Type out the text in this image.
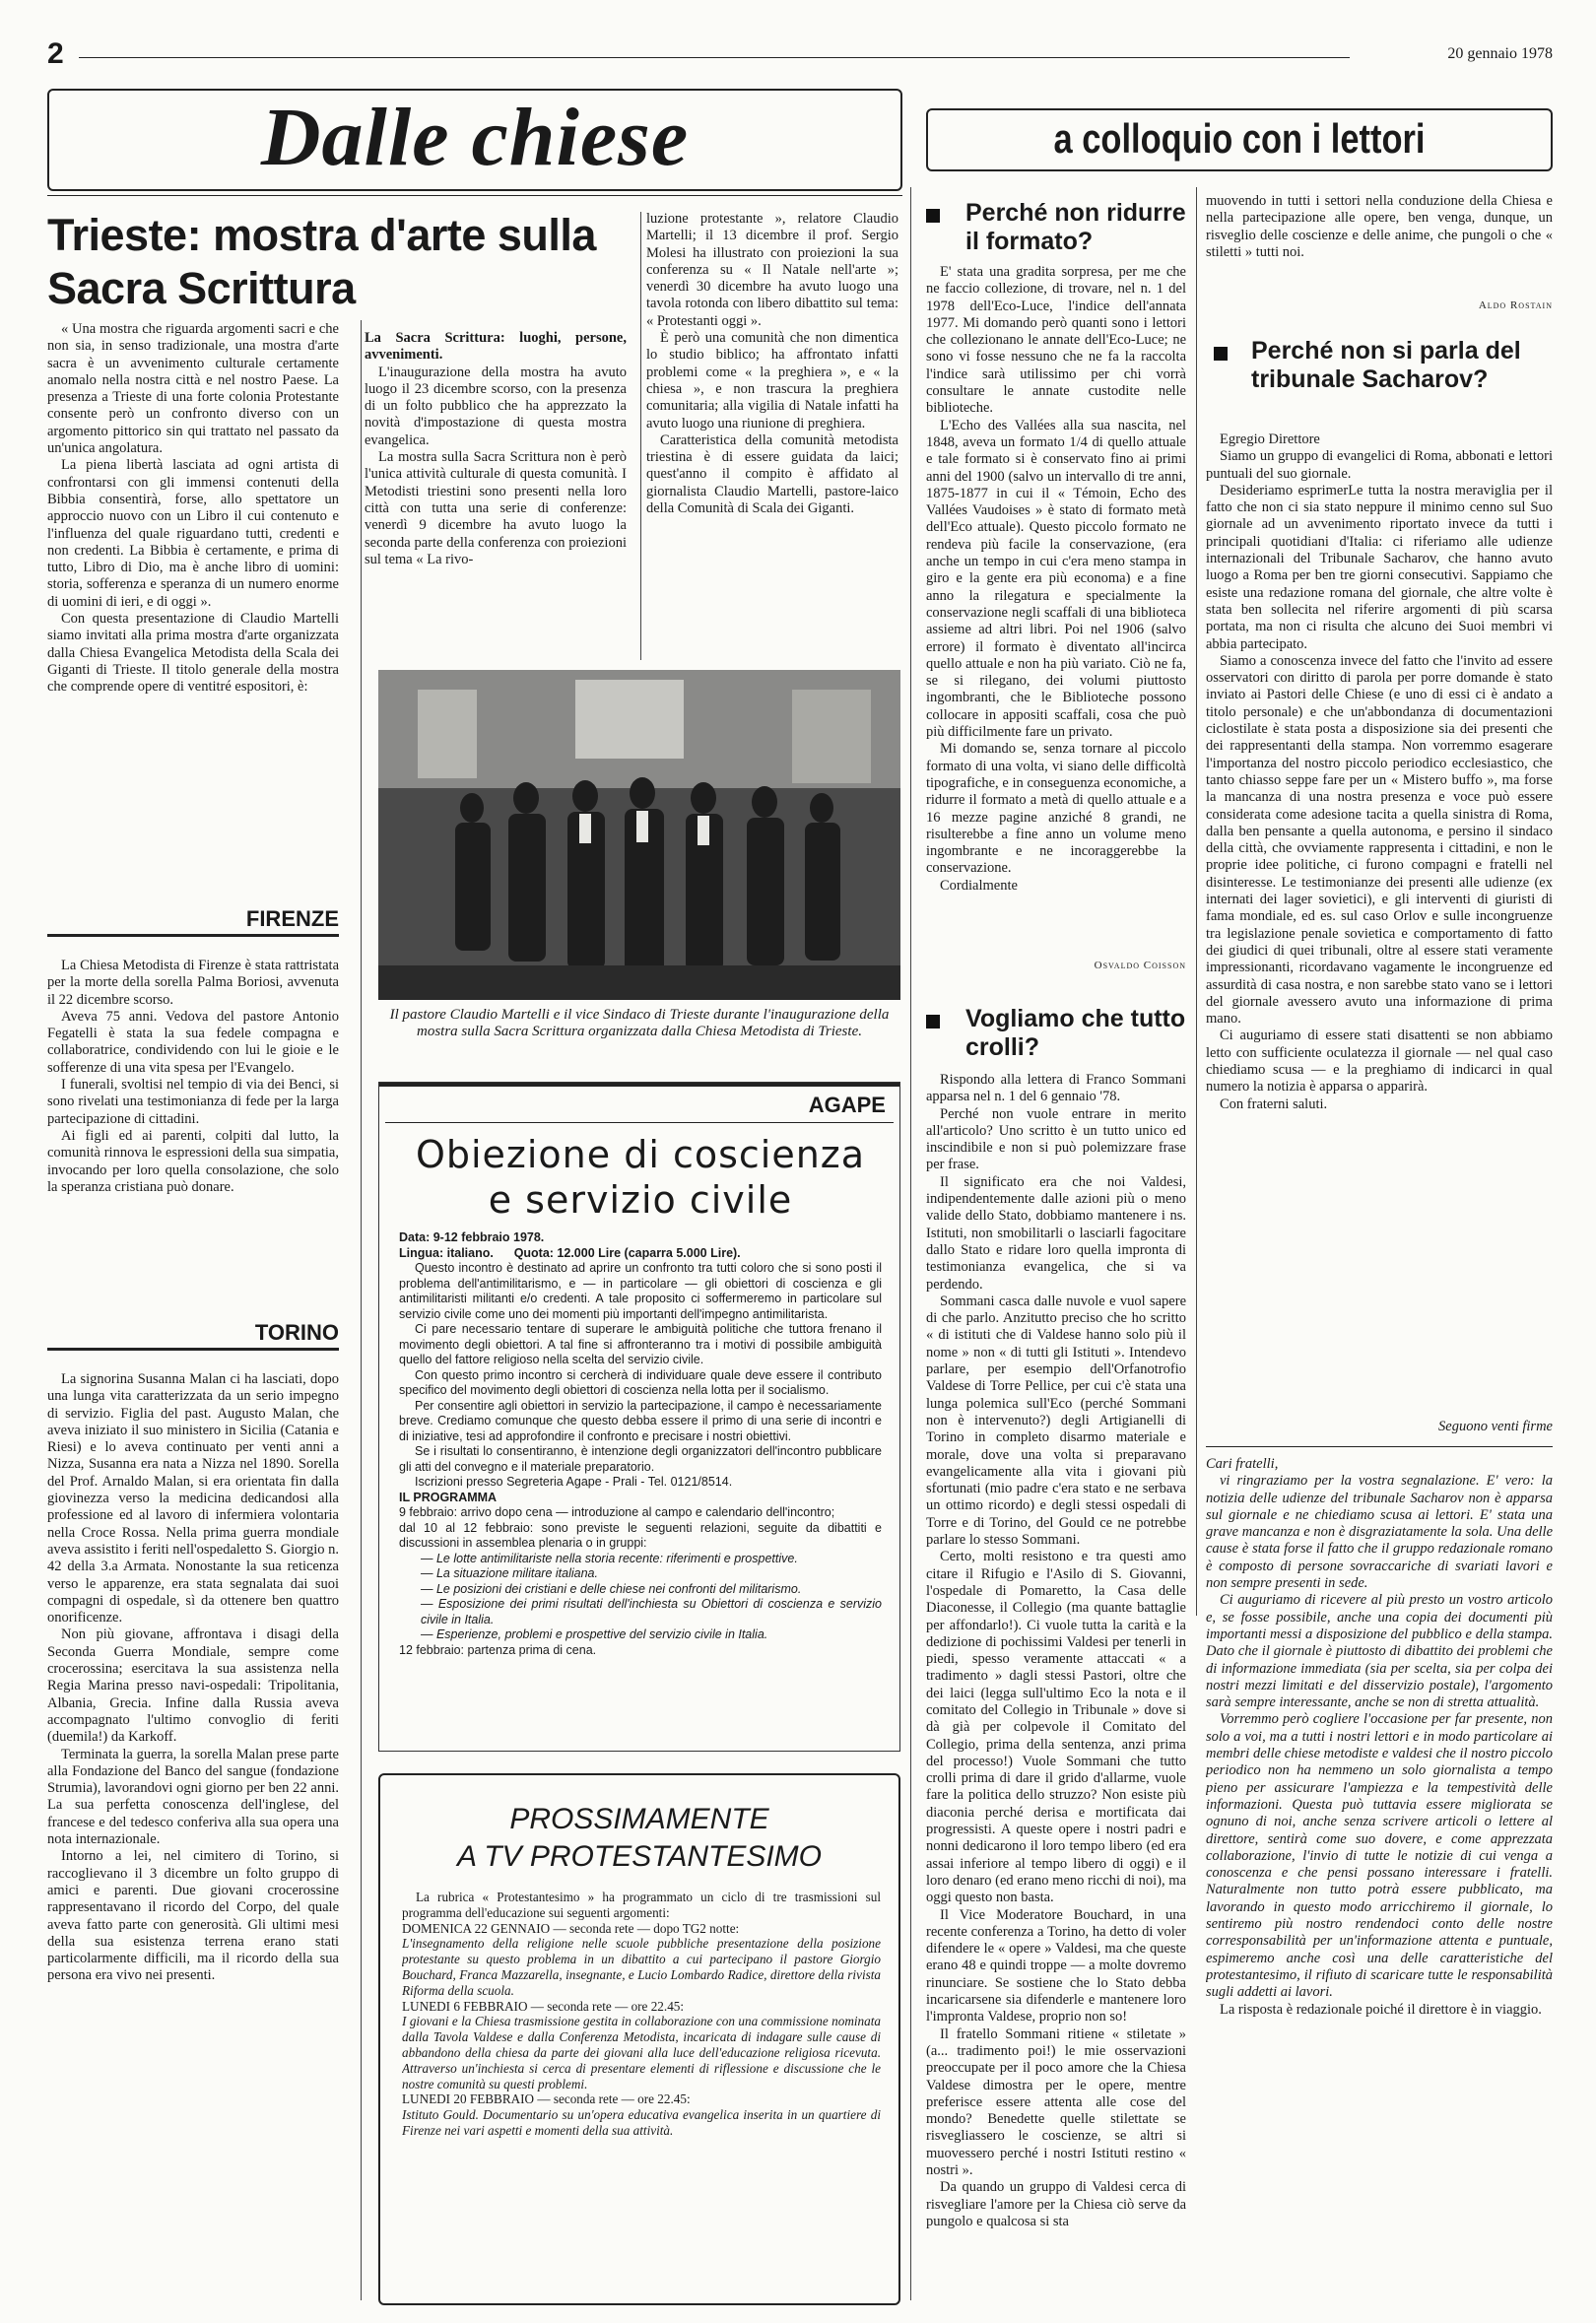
2	20 gennaio 1978
Dalle chiese	a colloquio con i lettori
Trieste: mostra d'arte sulla Sacra Scrittura

« Una mostra che riguarda argomenti sacri e che non sia, in senso tradizionale, una mostra d'arte sacra è un avvenimento culturale certamente anomalo nella nostra città e nel nostro Paese. La presenza a Trieste di una forte colonia Protestante consente però un confronto diverso con un argomento pittorico sin qui trattato nel passato da un'unica angolatura.

La piena libertà lasciata ad ogni artista di confrontarsi con gli immensi contenuti della Bibbia consentirà, forse, allo spettatore un approccio nuovo con un Libro il cui contenuto e l'influenza del quale riguardano tutti, credenti e non credenti. La Bibbia è certamente, e prima di tutto, Libro di Dio, ma è anche libro di uomini: storia, sofferenza e speranza di un numero enorme di uomini di ieri, e di oggi ».

Con questa presentazione di Claudio Martelli siamo invitati alla prima mostra d'arte organizzata dalla Chiesa Evangelica Metodista della Scala dei Giganti di Trieste. Il titolo generale della mostra che comprende opere di ventitré espositori, è:

La Sacra Scrittura: luoghi, persone, avvenimenti.

L'inaugurazione della mostra ha avuto luogo il 23 dicembre scorso, con la presenza di un folto pubblico che ha apprezzato la novità d'impostazione di questa mostra evangelica.

La mostra sulla Sacra Scrittura non è però l'unica attività culturale di questa comunità. I Metodisti triestini sono presenti nella loro città con tutta una serie di conferenze: venerdì 9 dicembre ha avuto luogo la seconda parte della conferenza con proiezioni sul tema « La rivo-

luzione protestante », relatore Claudio Martelli; il 13 dicembre il prof. Sergio Molesi ha illustrato con proiezioni la sua conferenza su « Il Natale nell'arte »; venerdì 30 dicembre ha avuto luogo una tavola rotonda con libero dibattito sul tema: « Protestanti oggi ».

È però una comunità che non dimentica lo studio biblico; ha affrontato infatti problemi come « la preghiera », e « la chiesa », e non trascura la preghiera comunitaria; alla vigilia di Natale infatti ha avuto luogo una riunione di preghiera.

Caratteristica della comunità metodista triestina è di essere guidata da laici; quest'anno il compito è affidato al giornalista Claudio Martelli, pastore-laico della Comunità di Scala dei Giganti.

Il pastore Claudio Martelli e il vice Sindaco di Trieste durante l'inaugurazione della mostra sulla Sacra Scrittura organizzata dalla Chiesa Metodista di Trieste.
FIRENZE

La Chiesa Metodista di Firenze è stata rattristata per la morte della sorella Palma Boriosi, avvenuta il 22 dicembre scorso.

Aveva 75 anni. Vedova del pastore Antonio Fegatelli è stata la sua fedele compagna e collaboratrice, condividendo con lui le gioie e le sofferenze di una vita spesa per l'Evangelo.

I funerali, svoltisi nel tempio di via dei Benci, si sono rivelati una testimonianza di fede per la larga partecipazione di cittadini.

Ai figli ed ai parenti, colpiti dal lutto, la comunità rinnova le espressioni della sua simpatia, invocando per loro quella consolazione, che solo la speranza cristiana può donare.

TORINO

La signorina Susanna Malan ci ha lasciati, dopo una lunga vita caratterizzata da un serio impegno di servizio. Figlia del past. Augusto Malan, che aveva iniziato il suo ministero in Sicilia (Catania e Riesi) e lo aveva continuato per venti anni a Nizza, Susanna era nata a Nizza nel 1890. Sorella del Prof. Arnaldo Malan, si era orientata fin dalla giovinezza verso la medicina dedicandosi alla professione ed al lavoro di infermiera volontaria nella Croce Rossa. Nella prima guerra mondiale aveva assistito i feriti nell'ospedaletto S. Giorgio n. 42 della 3.a Armata. Nonostante la sua reticenza verso le apparenze, era stata segnalata dai suoi compagni di ospedale, sì da ottenere ben quattro onorificenze.

Non più giovane, affrontava i disagi della Seconda Guerra Mondiale, sempre come crocerossina; esercitava la sua assistenza nella Regia Marina presso navi-ospedali: Tripolitania, Albania, Grecia. Infine dalla Russia aveva accompagnato l'ultimo convoglio di feriti (duemila!) da Karkoff.

Terminata la guerra, la sorella Malan prese parte alla Fondazione del Banco del sangue (fondazione Strumia), lavorandovi ogni giorno per ben 22 anni. La sua perfetta conoscenza dell'inglese, del francese e del tedesco conferiva alla sua opera una nota internazionale.

Intorno a lei, nel cimitero di Torino, si raccoglievano il 3 dicembre un folto gruppo di amici e parenti. Due giovani crocerossine rappresentavano il ricordo del Corpo, del quale aveva fatto parte con generosità. Gli ultimi mesi della sua esistenza terrena erano stati particolarmente difficili, ma il ricordo della sua persona era vivo nei presenti.

AGAPE
Obiezione di coscienza e servizio civile
Data: 9-12 febbraio 1978.
Lingua: italiano. Quota: 12.000 Lire (caparra 5.000 Lire).

Questo incontro è destinato ad aprire un confronto tra tutti coloro che si sono posti il problema dell'antimilitarismo, e — in particolare — gli obiettori di coscienza e gli antimilitaristi militanti e/o credenti. A tale proposito ci soffermeremo in particolare sul servizio civile come uno dei momenti più importanti dell'impegno antimilitarista.

Ci pare necessario tentare di superare le ambiguità politiche che tuttora frenano il movimento degli obiettori. A tal fine si affronteranno tra i motivi di possibile ambiguità quello del fattore religioso nella scelta del servizio civile.

Con questo primo incontro si cercherà di individuare quale deve essere il contributo specifico del movimento degli obiettori di coscienza nella lotta per il socialismo.

Per consentire agli obiettori in servizio la partecipazione, il campo è necessariamente breve. Crediamo comunque che questo debba essere il primo di una serie di incontri e di iniziative, tesi ad approfondire il confronto e precisare i nostri obiettivi.

Se i risultati lo consentiranno, è intenzione degli organizzatori dell'incontro pubblicare gli atti del convegno e il materiale preparatorio.

Iscrizioni presso Segreteria Agape - Prali - Tel. 0121/8514.

IL PROGRAMMA
9 febbraio: arrivo dopo cena — introduzione al campo e calendario dell'incontro;
dal 10 al 12 febbraio: sono previste le seguenti relazioni, seguite da dibattiti e discussioni in assemblea plenaria o in gruppi:
— Le lotte antimilitariste nella storia recente: riferimenti e prospettive.
— La situazione militare italiana.
— Le posizioni dei cristiani e delle chiese nei confronti del militarismo.
— Esposizione dei primi risultati dell'inchiesta su Obiettori di coscienza e servizio civile in Italia.
— Esperienze, problemi e prospettive del servizio civile in Italia.
12 febbraio: partenza prima di cena.
PROSSIMAMENTE
A TV PROTESTANTESIMO

La rubrica « Protestantesimo » ha programmato un ciclo di tre trasmissioni sul programma dell'educazione sui seguenti argomenti:

DOMENICA 22 GENNAIO — seconda rete — dopo TG2 notte:
L'insegnamento della religione nelle scuole pubbliche presentazione della posizione protestante su questo problema in un dibattito a cui partecipano il pastore Giorgio Bouchard, Franca Mazzarella, insegnante, e Lucio Lombardo Radice, direttore della rivista Riforma della scuola.
LUNEDI 6 FEBBRAIO — seconda rete — ore 22.45:
I giovani e la Chiesa trasmissione gestita in collaborazione con una commissione nominata dalla Tavola Valdese e dalla Conferenza Metodista, incaricata di indagare sulle cause di abbandono della chiesa da parte dei giovani alla luce dell'educazione religiosa ricevuta. Attraverso un'inchiesta si cerca di presentare elementi di riflessione e discussione che le nostre comunità su questi problemi.
LUNEDI 20 FEBBRAIO — seconda rete — ore 22.45:
Istituto Gould. Documentario su un'opera educativa evangelica inserita in un quartiere di Firenze nei vari aspetti e momenti della sua attività.
Perché non ridurre il formato?

E' stata una gradita sorpresa, per me che ne faccio collezione, di trovare, nel n. 1 del 1978 dell'Eco-Luce, l'indice dell'annata 1977. Mi domando però quanti sono i lettori che collezionano le annate dell'Eco-Luce; ne sono vi fosse nessuno che ne fa la raccolta l'indice sarà utilissimo per chi vorrà consultare le annate custodite nelle biblioteche.

L'Echo des Vallées alla sua nascita, nel 1848, aveva un formato 1/4 di quello attuale e tale formato si è conservato fino ai primi anni del 1900 (salvo un intervallo di tre anni, 1875-1877 in cui il « Témoin, Echo des Vallées Vaudoises » è stato di formato metà dell'Eco attuale). Questo piccolo formato ne rendeva più facile la conservazione, (era anche un tempo in cui c'era meno stampa in giro e la gente era più economa) e a fine anno la rilegatura e specialmente la conservazione negli scaffali di una biblioteca assieme ad altri libri. Poi nel 1906 (salvo errore) il formato è diventato all'incirca quello attuale e non ha più variato. Ciò ne fa, se si rilegano, dei volumi piuttosto ingombranti, che le Biblioteche possono collocare in appositi scaffali, cosa che può più difficilmente fare un privato.

Mi domando se, senza tornare al piccolo formato di una volta, vi siano delle difficoltà tipografiche, e in conseguenza economiche, a ridurre il formato a metà di quello attuale e a 16 mezze pagine anziché 8 grandi, ne risulterebbe a fine anno un volume meno ingombrante e ne incoraggerebbe la conservazione.

Cordialmente

Osvaldo Coisson
Vogliamo che tutto crolli?

Rispondo alla lettera di Franco Sommani apparsa nel n. 1 del 6 gennaio '78.

Perché non vuole entrare in merito all'articolo? Uno scritto è un tutto unico ed inscindibile e non si può polemizzare frase per frase.

Il significato era che noi Valdesi, indipendentemente dalle azioni più o meno valide dello Stato, dobbiamo mantenere i ns. Istituti, non smobilitarli o lasciarli fagocitare dallo Stato e ridare loro quella impronta di testimonianza evangelica, che si va perdendo.

Sommani casca dalle nuvole e vuol sapere di che parlo. Anzitutto preciso che ho scritto « di istituti che di Valdese hanno solo più il nome » non « di tutti gli Istituti ». Intendevo parlare, per esempio dell'Orfanotrofio Valdese di Torre Pellice, per cui c'è stata una lunga polemica sull'Eco (perché Sommani non è intervenuto?) degli Artigianelli di Torino in completo disarmo materiale e morale, dove una volta si preparavano evangelicamente alla vita i giovani più sfortunati (mio padre c'era stato e ne serbava un ottimo ricordo) e degli stessi ospedali di Torre e di Torino, del Gould ce ne potrebbe parlare lo stesso Sommani.

Certo, molti resistono e tra questi amo citare il Rifugio e l'Asilo di S. Giovanni, l'ospedale di Pomaretto, la Casa delle Diaconesse, il Collegio (ma quante battaglie per affondarlo!). Ci vuole tutta la carità e la dedizione di pochissimi Valdesi per tenerli in piedi, spesso veramente attaccati « a tradimento » dagli stessi Pastori, oltre che dei laici (legga sull'ultimo Eco la nota e il comitato del Collegio in Tribunale » dove si dà già per colpevole il Comitato del Collegio, prima della sentenza, anzi prima del processo!) Vuole Sommani che tutto crolli prima di dare il grido d'allarme, vuole fare la politica dello struzzo? Non esiste più diaconia perché derisa e mortificata dai progressisti. A queste opere i nostri padri e nonni dedicarono il loro tempo libero (ed era assai inferiore al tempo libero di oggi) e il loro denaro (ed erano meno ricchi di noi), ma oggi questo non basta.

Il Vice Moderatore Bouchard, in una recente conferenza a Torino, ha detto di voler difendere le « opere » Valdesi, ma che queste erano 48 e quindi troppe — a molte dovremo rinunciare. Se sostiene che lo Stato debba incaricarsene sia difenderle e mantenere loro l'impronta Valdese, proprio non so!

Il fratello Sommani ritiene « stiletate » (a... tradimento poi!) le mie osservazioni preoccupate per il poco amore che la Chiesa Valdese dimostra per le opere, mentre preferisce essere attenta alle cose del mondo? Benedette quelle stilettate se risvegliassero le coscienze, se altri si muovessero perché i nostri Istituti restino « nostri ».

Da quando un gruppo di Valdesi cerca di risvegliare l'amore per la Chiesa ciò serve da pungolo e qualcosa si sta

muovendo in tutti i settori nella conduzione della Chiesa e nella partecipazione alle opere, ben venga, dunque, un risveglio delle coscienze e delle anime, che pungoli o che « stiletti » tutti noi.

Aldo Rostain
Perché non si parla del tribunale Sacharov?

Egregio Direttore

Siamo un gruppo di evangelici di Roma, abbonati e lettori puntuali del suo giornale.

Desideriamo esprimerLe tutta la nostra meraviglia per il fatto che non ci sia stato neppure il minimo cenno sul Suo giornale ad un avvenimento riportato invece da tutti i principali quotidiani d'Italia: ci riferiamo alle udienze internazionali del Tribunale Sacharov, che hanno avuto luogo a Roma per ben tre giorni consecutivi. Sappiamo che esiste una redazione romana del giornale, che altre volte è stata ben sollecita nel riferire argomenti di più scarsa portata, ma non ci risulta che alcuno dei Suoi membri vi abbia partecipato.

Siamo a conoscenza invece del fatto che l'invito ad essere osservatori con diritto di parola per porre domande è stato inviato ai Pastori delle Chiese (e uno di essi ci è andato a titolo personale) e che un'abbondanza di documentazioni ciclostilate è stata posta a disposizione sia dei presenti che dei rappresentanti della stampa. Non vorremmo esagerare l'importanza del nostro piccolo periodico ecclesiastico, che tanto chiasso seppe fare per un « Mistero buffo », ma forse la mancanza di una nostra presenza e voce può essere considerata come adesione tacita a quella sinistra di Roma, dalla ben pensante a quella autonoma, e persino il sindaco della città, che ovviamente rappresenta i cittadini, e non le proprie idee politiche, ci furono compagni e fratelli nel disinteresse. Le testimonianze dei presenti alle udienze (ex internati dei lager sovietici), e gli interventi di giuristi di fama mondiale, ed es. sul caso Orlov e sulle incongruenze tra legislazione penale sovietica e comportamento di fatto dei giudici di quei tribunali, oltre al essere stati veramente impressionanti, ricordavano vagamente le incongruenze ed assurdità di casa nostra, e non sarebbe stato vano se i lettori del giornale avessero avuto una informazione di prima mano.

Ci auguriamo di essere stati disattenti se non abbiamo letto con sufficiente oculatezza il giornale — nel qual caso chiediamo scusa — e la preghiamo di indicarci in qual numero la notizia è apparsa o apparirà.

Con fraterni saluti.

Seguono venti firme

Cari fratelli,

vi ringraziamo per la vostra segnalazione. E' vero: la notizia delle udienze del tribunale Sacharov non è apparsa sul giornale e ne chiediamo scusa ai lettori. E' stata una grave mancanza e non è disgraziatamente la sola. Una delle cause è stata forse il fatto che il gruppo redazionale romano è composto di persone sovraccariche di svariati lavori e non sempre presenti in sede.

Ci auguriamo di ricevere al più presto un vostro articolo e, se fosse possibile, anche una copia dei documenti più importanti messi a disposizione del pubblico e della stampa. Dato che il giornale è piuttosto di dibattito dei problemi che di informazione immediata (sia per scelta, sia per colpa dei nostri mezzi limitati e del disservizio postale), l'argomento sarà sempre interessante, anche se non di stretta attualità.

Vorremmo però cogliere l'occasione per far presente, non solo a voi, ma a tutti i nostri lettori e in modo particolare ai membri delle chiese metodiste e valdesi che il nostro piccolo periodico non ha nemmeno un solo giornalista a tempo pieno per assicurare l'ampiezza e la tempestività delle informazioni. Questa può tuttavia essere migliorata se ognuno di noi, anche senza scrivere articoli o lettere al direttore, sentirà come suo dovere, e come apprezzata collaborazione, l'invio di tutte le notizie di cui venga a conoscenza e che pensi possano interessare i fratelli. Naturalmente non tutto potrà essere pubblicato, ma lavorando in questo modo arricchiremo il giornale, lo sentiremo più nostro rendendoci conto delle nostre corresponsabilità per un'informazione attenta e puntuale, espimeremo anche così una delle caratteristiche del protestantesimo, il rifiuto di scaricare tutte le responsabilità sugli addetti ai lavori.

La risposta è redazionale poiché il direttore è in viaggio.
